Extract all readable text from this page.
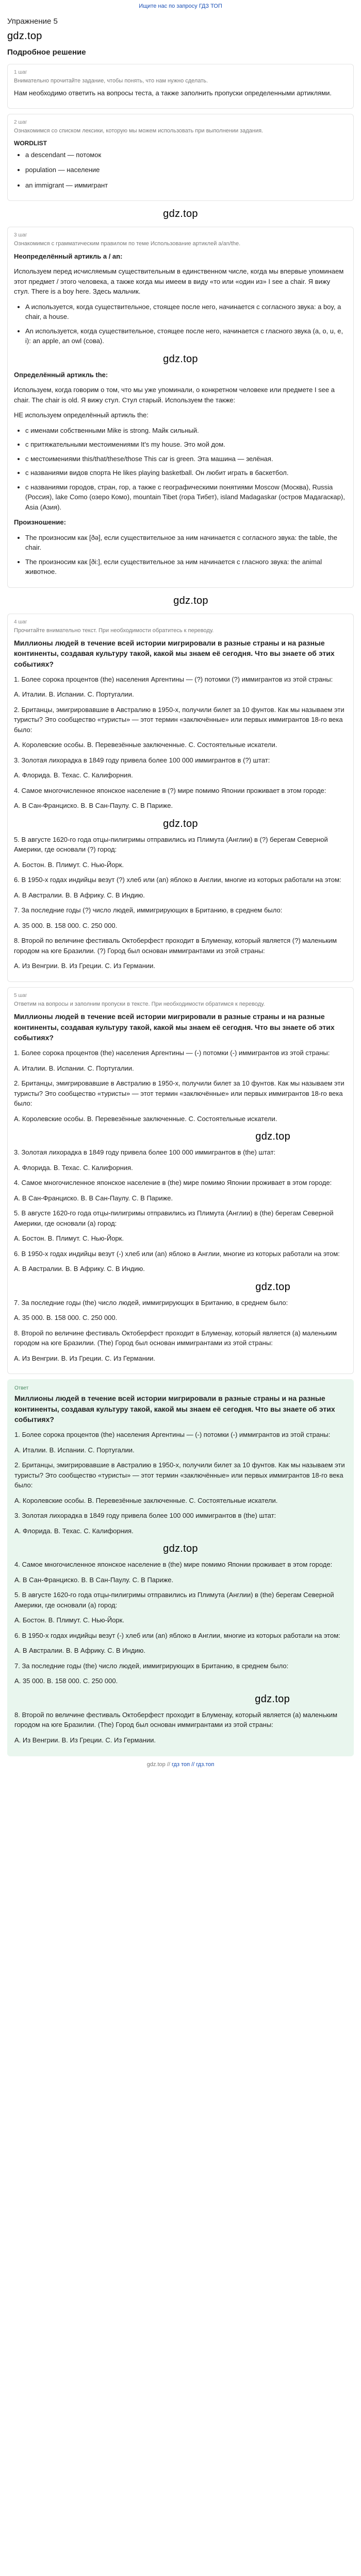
Ищите нас по запросу ГДЗ ТОП
Упражнение 5
gdz.top
Подробное решение
1 шаг
Внимательно прочитайте задание, чтобы понять, что нам нужно сделать.

Нам необходимо ответить на вопросы теста, а также заполнить пропуски определенными артиклями.

2 шаг
Ознакомимся со списком лексики, которую мы можем использовать при выполнении задания.
WORDLIST
• a descendant — потомок
• population — население
• an immigrant — иммигрант
gdz.top
3 шаг
Ознакомимся с грамматическим правилом по теме Использование артиклей a/an/the.

Неопределённый артикль a / an:

Используем перед исчисляемым существительным в единственном числе, когда мы впервые упоминаем этот предмет / этого человека, а также когда мы имеем в виду «то или «один из» I see a chair. Я вижу стул. There is a boy here. Здесь мальчик.

• A используется, когда существительное, стоящее после него, начинается с согласного звука: a boy, a chair, a house.
• An используется, когда существительное, стоящее после него, начинается с гласного звука (a, o, u, e, i): an apple, an owl (сова).
gdz.top

Определённый артикль the:

Используем, когда говорим о том, что мы уже упоминали, о конкретном человеке или предмете I see a chair. The chair is old. Я вижу стул. Стул старый. Используем the также:

НЕ используем определённый артикль the:

• с именами собственными Mike is strong. Майк сильный.
• с притяжательными местоимениями It's my house. Это мой дом.
• с местоимениями this/that/these/those This car is green. Эта машина — зелёная.
• с названиями видов спорта He likes playing basketball. Он любит играть в баскетбол.
• с названиями городов, стран, гор, а также с географическими понятиями Moscow (Москва), Russia (Россия), lake Como (озеро Комо), mountain Tibet (гора Тибет), island Madagaskar (остров Мадагаскар), Asia (Азия).

Произношение:

• The произносим как [ðə], если существительное за ним начинается с согласного звука: the table, the chair.
• The произносим как [ði:], если существительное за ним начинается с гласного звука: the animal животное.
gdz.top
4 шаг
Прочитайте внимательно текст. При необходимости обратитесь к переводу.

Миллионы людей в течение всей истории мигрировали в разные страны и на разные континенты, создавая культуру такой, какой мы знаем её сегодня. Что вы знаете об этих событиях?

1. Более сорока процентов (the) населения Аргентины — (?) потомки (?) иммигрантов из этой страны:

A. Италии. B. Испании. C. Португалии.

2. Британцы, эмигрировавшие в Австралию в 1950-х, получили билет за 10 фунтов. Как мы называем эти туристы? Это сообщество «туристы» — этот термин «заключённые» или первых иммигрантов 18-го века было:

A. Королевские особы. B. Перевезённые заключенные. C. Состоятельные искатели.

3. Золотая лихорадка в 1849 году привела более 100 000 иммигрантов в (?) штат:

A. Флорида. B. Техас. C. Калифорния.

4. Самое многочисленное японское население в (?) мире помимо Японии проживает в этом городе:

A. В Сан-Франциско. B. В Сан-Паулу. C. В Париже.

gdz.top

5. В августе 1620-го года отцы-пилигримы отправились из Плимута (Англии) в (?) берегам Северной Америки, где основали (?) город:

A. Бостон. B. Плимут. C. Нью-Йорк.

6. В 1950-х годах индийцы везут (?) хлеб или (an) яблоко в Англии, многие из которых работали на этом:

A. В Австралии. B. В Африку. C. В Индию.

7. За последние годы (?) число людей, иммигрирующих в Британию, в среднем было:

A. 35 000. B. 158 000. C. 250 000.

8. Второй по величине фестиваль Октоберфест проходит в Блуменау, который является (?) маленьким городом на юге Бразилии. (?) Город был основан иммигрантами из этой страны:

A. Из Венгрии. B. Из Греции. C. Из Германии.

5 шаг
Ответим на вопросы и заполним пропуски в тексте. При необходимости обратимся к переводу.

Миллионы людей в течение всей истории мигрировали в разные страны и на разные континенты, создавая культуру такой, какой мы знаем её сегодня. Что вы знаете об этих событиях?

1. Более сорока процентов (the) населения Аргентины — (-) потомки (-) иммигрантов из этой страны:

A. Италии. B. Испании. C. Португалии.

2. Британцы, эмигрировавшие в Австралию в 1950-х, получили билет за 10 фунтов. Как мы называем эти туристы? Это сообщество «туристы» — этот термин «заключённые» или первых иммигрантов 18-го века было:

A. Королевские особы. B. Перевезённые заключенные. C. Состоятельные искатели.

gdz.top

3. Золотая лихорадка в 1849 году привела более 100 000 иммигрантов в (the) штат:

A. Флорида. B. Техас. C. Калифорния.

4. Самое многочисленное японское население в (the) мире помимо Японии проживает в этом городе:

A. В Сан-Франциско. B. В Сан-Паулу. C. В Париже.

5. В августе 1620-го года отцы-пилигримы отправились из Плимута (Англии) в (the) берегам Северной Америки, где основали (a) город:

A. Бостон. B. Плимут. C. Нью-Йорк.

6. В 1950-х годах индийцы везут (-) хлеб или (an) яблоко в Англии, многие из которых работали на этом:

A. В Австралии. B. В Африку. C. В Индию.

gdz.top

7. За последние годы (the) число людей, иммигрирующих в Британию, в среднем было:

A. 35 000. B. 158 000. C. 250 000.

8. Второй по величине фестиваль Октоберфест проходит в Блуменау, который является (a) маленьким городом на юге Бразилии. (The) Город был основан иммигрантами из этой страны:

A. Из Венгрии. B. Из Греции. C. Из Германии.

Ответ

Миллионы людей в течение всей истории мигрировали в разные страны и на разные континенты, создавая культуру такой, какой мы знаем её сегодня. Что вы знаете об этих событиях?

1. Более сорока процентов (the) населения Аргентины — (-) потомки (-) иммигрантов из этой страны:

A. Италии. B. Испании. C. Португалии.

2. Британцы, эмигрировавшие в Австралию в 1950-х, получили билет за 10 фунтов. Как мы называем эти туристы? Это сообщество «туристы» — этот термин «заключённые» или первых иммигрантов 18-го века было:

A. Королевские особы. B. Перевезённые заключенные. C. Состоятельные искатели.

3. Золотая лихорадка в 1849 году привела более 100 000 иммигрантов в (the) штат:

A. Флорида. B. Техас. C. Калифорния.

gdz.top

4. Самое многочисленное японское население в (the) мире помимо Японии проживает в этом городе:

A. В Сан-Франциско. B. В Сан-Паулу. C. В Париже.

5. В августе 1620-го года отцы-пилигримы отправились из Плимута (Англии) в (the) берегам Северной Америки, где основали (a) город:

A. Бостон. B. Плимут. C. Нью-Йорк.

6. В 1950-х годах индийцы везут (-) хлеб или (an) яблоко в Англии, многие из которых работали на этом:

A. В Австралии. B. В Африку. C. В Индию.

7. За последние годы (the) число людей, иммигрирующих в Британию, в среднем было:

A. 35 000. B. 158 000. C. 250 000.

gdz.top

8. Второй по величине фестиваль Октоберфест проходит в Блуменау, который является (a) маленьким городом на юге Бразилии. (The) Город был основан иммигрантами из этой страны:

A. Из Венгрии. B. Из Греции. C. Из Германии.

gdz.top // гдз топ // гдз.топ
